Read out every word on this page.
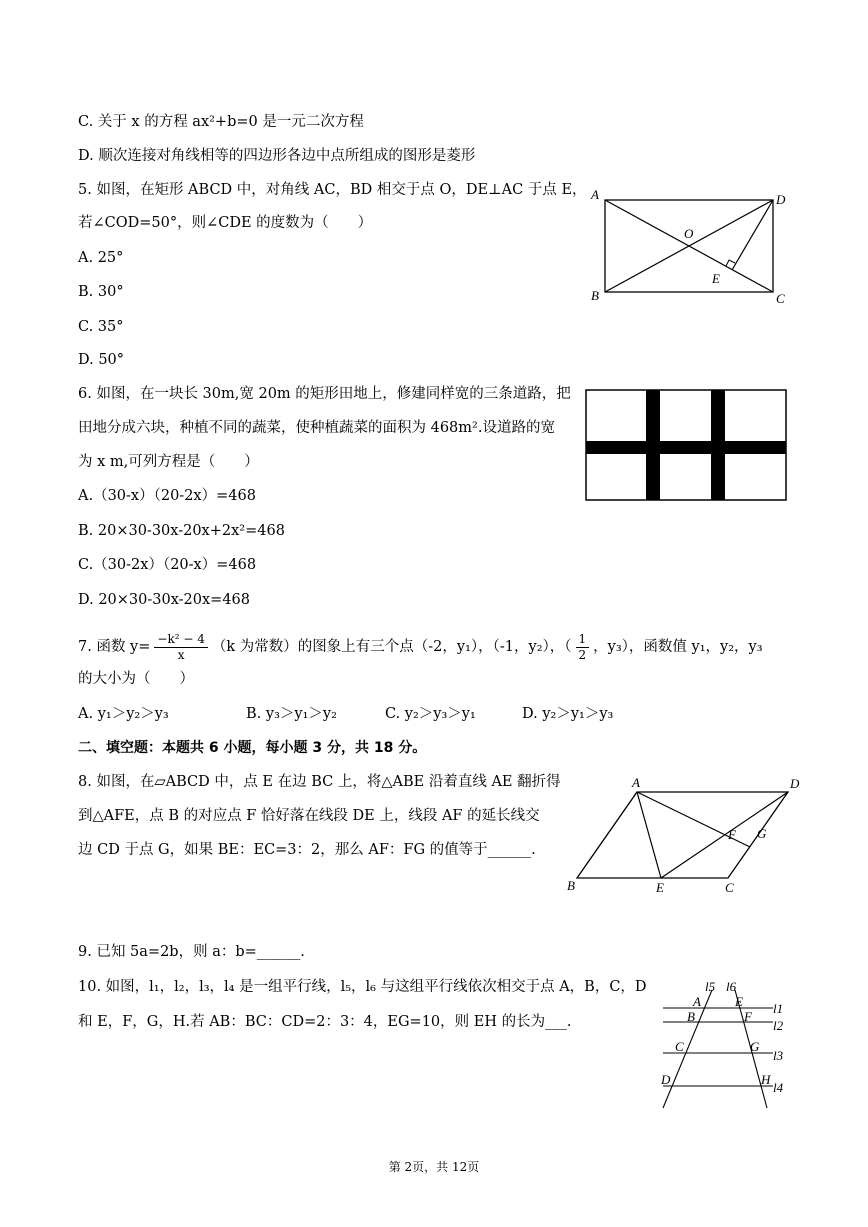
C. 关于 x 的方程 ax²+b=0 是一元二次方程
D. 顺次连接对角线相等的四边形各边中点所组成的图形是菱形
5. 如图，在矩形 ABCD 中，对角线 AC，BD 相交于点 O，DE⊥AC 于点 E，
若∠COD=50°，则∠CDE 的度数为（　　）
A. 25°
B. 30°
C. 35°
D. 50°
6. 如图，在一块长 30m,宽 20m 的矩形田地上，修建同样宽的三条道路，把
田地分成六块，种植不同的蔬菜，使种植蔬菜的面积为 468m².设道路的宽
为 x m,可列方程是（　　）
A.（30-x）（20-2x）=468
B. 20×30-30x-20x+2x²=468
C.（30-2x）（20-x）=468
D. 20×30-30x-20x=468
7. 函数 $y= \frac{\text{−k² − 4}}{x} (k$ 为常数）的图象上有三个点（-2，y₁），（-1，y₂），（ $\frac{1}{2}$ ，y₃），函数值 y₁，y₂，y₃
的大小为（　　）
A. y₁＞y₂＞y₃	B. y₃＞y₁＞y₂	C. y₂＞y₃＞y₁	D. y₂＞y₁＞y₃
二、填空题：本题共 6 小题，每小题 3 分，共 18 分。
8. 如图，在▱ABCD 中，点 E 在边 BC 上，将△ABE 沿着直线 AE 翻折得
到△AFE，点 B 的对应点 F 恰好落在线段 DE 上，线段 AF 的延长线交
边 CD 于点 G，如果 BE：EC=3：2，那么 AF：FG 的值等于______.
9. 已知 5a=2b，则 a：b=______.
10. 如图，l₁，l₂，l₃，l₄ 是一组平行线，l₅，l₆ 与这组平行线依次相交于点 A，B，C，D
和 E，F，G，H.若 AB：BC：CD=2：3：4，EG=10，则 EH 的长为___.
A
B	C
D
O
E
A
B	C
D
E
F G
l5 l6
l1
l2
l3
l4
A
B
C
D
E
F
G
H
第 2页，共 12页
